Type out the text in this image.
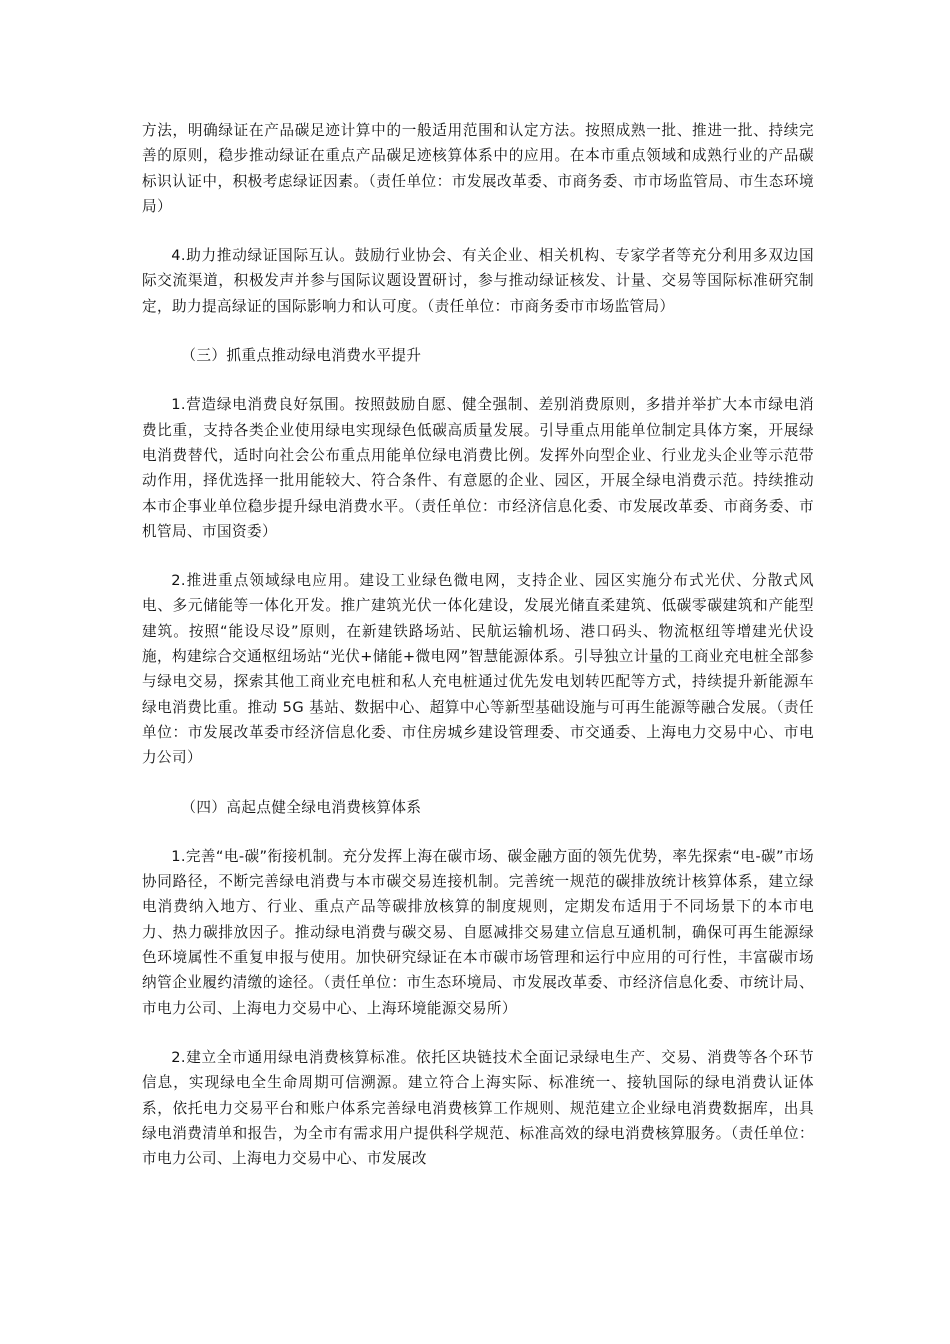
方法，明确绿证在产品碳足迹计算中的一般适用范围和认定方法。按照成熟一批、推进一批、持续完善的原则，稳步推动绿证在重点产品碳足迹核算体系中的应用。在本市重点领域和成熟行业的产品碳标识认证中，积极考虑绿证因素。（责任单位：市发展改革委、市商务委、市市场监管局、市生态环境局）

4.助力推动绿证国际互认。鼓励行业协会、有关企业、相关机构、专家学者等充分利用多双边国际交流渠道，积极发声并参与国际议题设置研讨，参与推动绿证核发、计量、交易等国际标准研究制定，助力提高绿证的国际影响力和认可度。（责任单位：市商务委市市场监管局）

（三）抓重点推动绿电消费水平提升

1.营造绿电消费良好氛围。按照鼓励自愿、健全强制、差别消费原则，多措并举扩大本市绿电消费比重，支持各类企业使用绿电实现绿色低碳高质量发展。引导重点用能单位制定具体方案，开展绿电消费替代，适时向社会公布重点用能单位绿电消费比例。发挥外向型企业、行业龙头企业等示范带动作用，择优选择一批用能较大、符合条件、有意愿的企业、园区，开展全绿电消费示范。持续推动本市企事业单位稳步提升绿电消费水平。（责任单位：市经济信息化委、市发展改革委、市商务委、市机管局、市国资委）

2.推进重点领域绿电应用。建设工业绿色微电网，支持企业、园区实施分布式光伏、分散式风电、多元储能等一体化开发。推广建筑光伏一体化建设，发展光储直柔建筑、低碳零碳建筑和产能型建筑。按照“能设尽设”原则，在新建铁路场站、民航运输机场、港口码头、物流枢纽等增建光伏设施，构建综合交通枢纽场站“光伏+储能+微电网”智慧能源体系。引导独立计量的工商业充电桩全部参与绿电交易，探索其他工商业充电桩和私人充电桩通过优先发电划转匹配等方式，持续提升新能源车绿电消费比重。推动 5G 基站、数据中心、超算中心等新型基础设施与可再生能源等融合发展。（责任单位：市发展改革委市经济信息化委、市住房城乡建设管理委、市交通委、上海电力交易中心、市电力公司）

（四）高起点健全绿电消费核算体系

1.完善“电-碳”衔接机制。充分发挥上海在碳市场、碳金融方面的领先优势，率先探索“电-碳”市场协同路径，不断完善绿电消费与本市碳交易连接机制。完善统一规范的碳排放统计核算体系，建立绿电消费纳入地方、行业、重点产品等碳排放核算的制度规则，定期发布适用于不同场景下的本市电力、热力碳排放因子。推动绿电消费与碳交易、自愿减排交易建立信息互通机制，确保可再生能源绿色环境属性不重复申报与使用。加快研究绿证在本市碳市场管理和运行中应用的可行性，丰富碳市场纳管企业履约清缴的途径。（责任单位：市生态环境局、市发展改革委、市经济信息化委、市统计局、市电力公司、上海电力交易中心、上海环境能源交易所）

2.建立全市通用绿电消费核算标准。依托区块链技术全面记录绿电生产、交易、消费等各个环节信息，实现绿电全生命周期可信溯源。建立符合上海实际、标准统一、接轨国际的绿电消费认证体系，依托电力交易平台和账户体系完善绿电消费核算工作规则、规范建立企业绿电消费数据库，出具绿电消费清单和报告，为全市有需求用户提供科学规范、标准高效的绿电消费核算服务。（责任单位：市电力公司、上海电力交易中心、市发展改
